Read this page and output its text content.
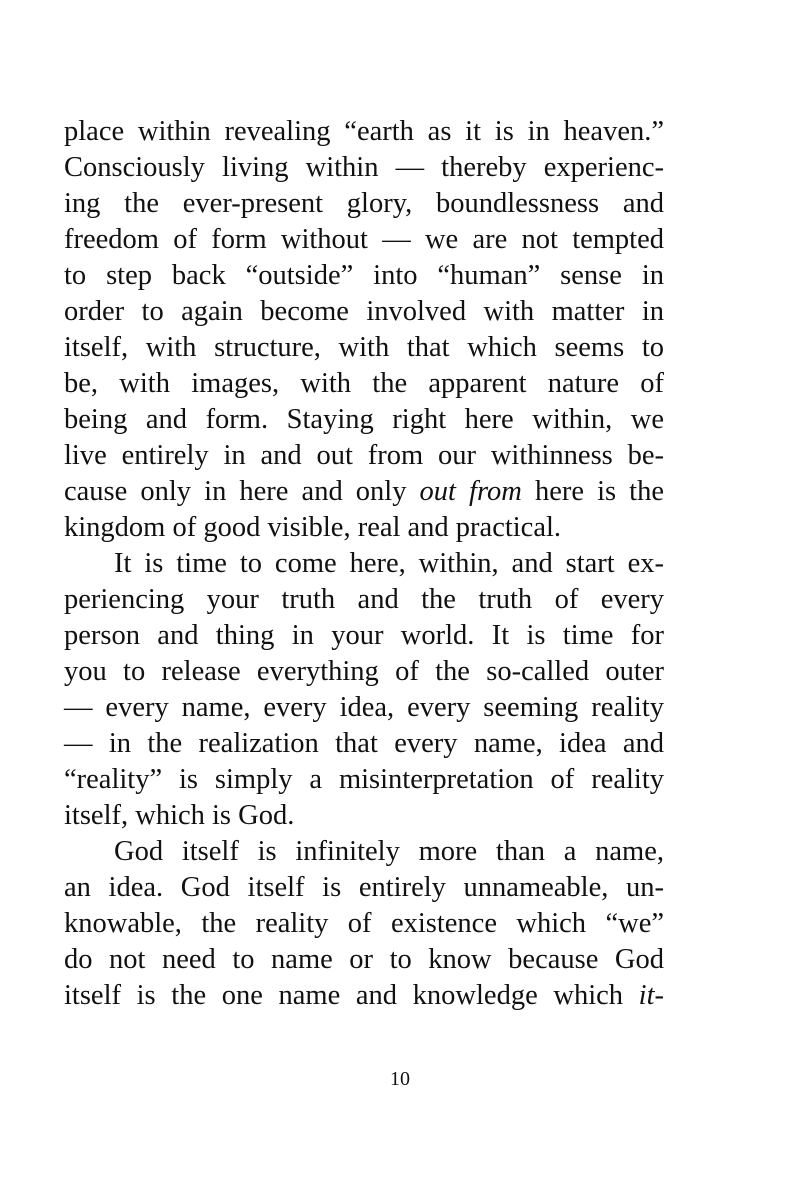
place within revealing “earth as it is in heaven.”
Consciously living within — thereby experienc-
ing the ever-present glory, boundlessness and
freedom of form without — we are not tempted
to step back “outside” into “human” sense in
order to again become involved with matter in
itself, with structure, with that which seems to
be, with images, with the apparent nature of
being and form. Staying right here within, we
live entirely in and out from our withinness be-
cause only in here and only out from here is the
kingdom of good visible, real and practical.
It is time to come here, within, and start ex-
periencing your truth and the truth of every
person and thing in your world. It is time for
you to release everything of the so-called outer
— every name, every idea, every seeming reality
— in the realization that every name, idea and
“reality” is simply a misinterpretation of reality
itself, which is God.
God itself is infinitely more than a name,
an idea. God itself is entirely unnameable, un-
knowable, the reality of existence which “we”
do not need to name or to know because God
itself is the one name and knowledge which it-
10
